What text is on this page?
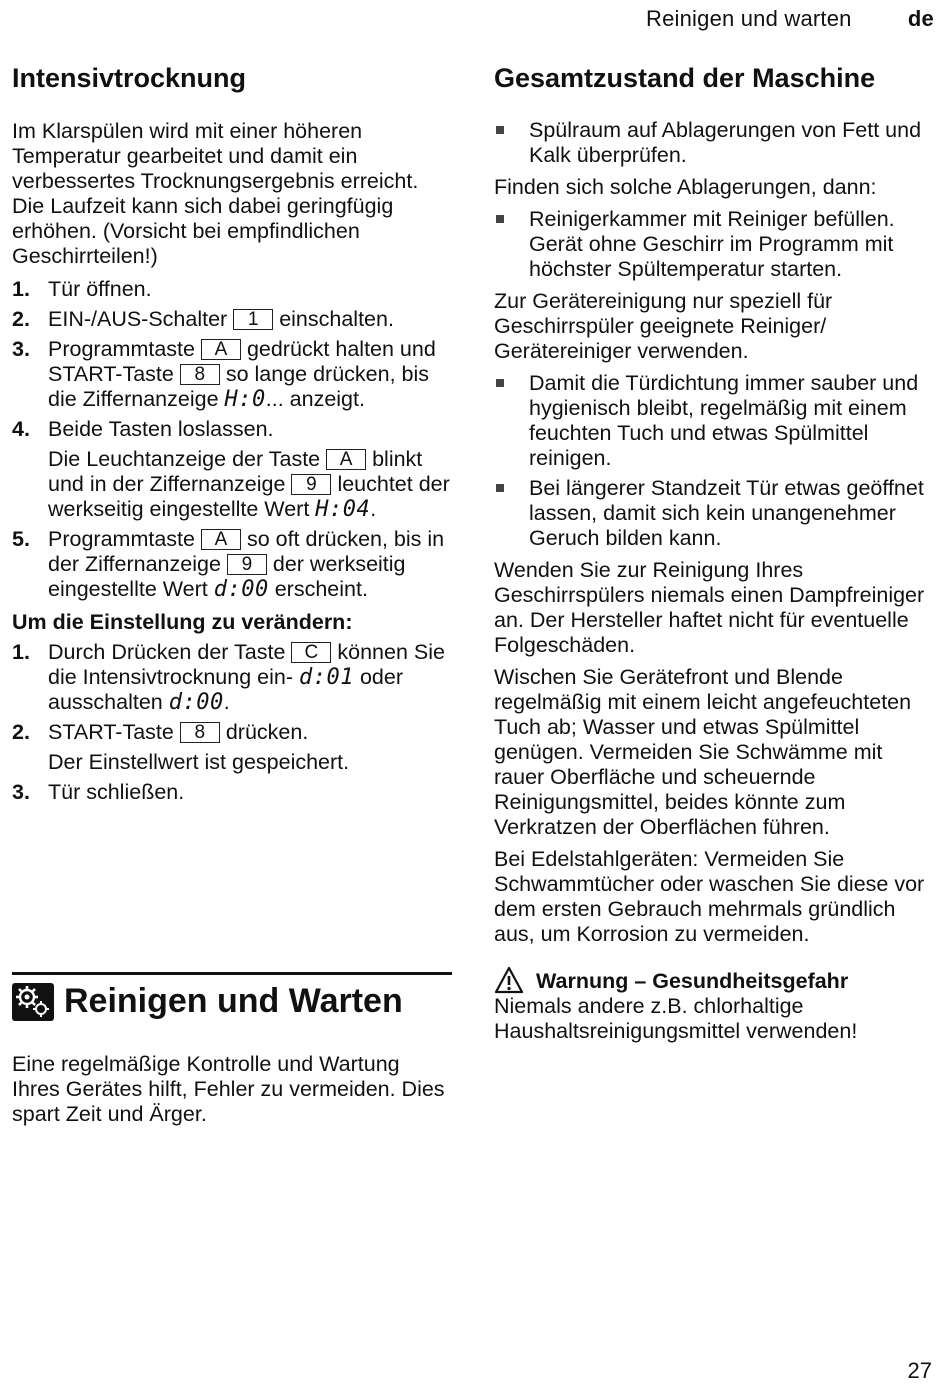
Reinigen und warten	de
Intensivtrocknung

Im Klarspülen wird mit einer höheren Temperatur gearbeitet und damit ein verbessertes Trocknungsergebnis erreicht. Die Laufzeit kann sich dabei geringfügig erhöhen. (Vorsicht bei empfindlichen Geschirrteilen!)

1. Tür öffnen.
2. EIN-/AUS-Schalter 1 einschalten.
3. Programmtaste A gedrückt halten und START-Taste 8 so lange drücken, bis die Ziffernanzeige H:0... anzeigt.
4. Beide Tasten loslassen.
Die Leuchtanzeige der Taste A blinkt und in der Ziffernanzeige 9 leuchtet der werkseitig eingestellte Wert H:04.
5. Programmtaste A so oft drücken, bis in der Ziffernanzeige 9 der werkseitig eingestellte Wert d:00 erscheint.

Um die Einstellung zu verändern:

1. Durch Drücken der Taste C können Sie die Intensivtrocknung ein- d:01 oder ausschalten d:00.
2. START-Taste 8 drücken.
Der Einstellwert ist gespeichert.
3. Tür schließen.
Reinigen und Warten

Eine regelmäßige Kontrolle und Wartung Ihres Gerätes hilft, Fehler zu vermeiden. Dies spart Zeit und Ärger.

Gesamtzustand der Maschine
Spülraum auf Ablagerungen von Fett und Kalk überprüfen.

Finden sich solche Ablagerungen, dann:

Reinigerkammer mit Reiniger befüllen. Gerät ohne Geschirr im Programm mit höchster Spültemperatur starten.

Zur Gerätereinigung nur speziell für Geschirrspüler geeignete Reiniger/ Gerätereiniger verwenden.

Damit die Türdichtung immer sauber und hygienisch bleibt, regelmäßig mit einem feuchten Tuch und etwas Spülmittel reinigen.
Bei längerer Standzeit Tür etwas geöffnet lassen, damit sich kein unangenehmer Geruch bilden kann.

Wenden Sie zur Reinigung Ihres Geschirrspülers niemals einen Dampfreiniger an. Der Hersteller haftet nicht für eventuelle Folgeschäden.

Wischen Sie Gerätefront und Blende regelmäßig mit einem leicht angefeuchteten Tuch ab; Wasser und etwas Spülmittel genügen. Vermeiden Sie Schwämme mit rauer Oberfläche und scheuernde Reinigungsmittel, beides könnte zum Verkratzen der Oberflächen führen.

Bei Edelstahlgeräten: Vermeiden Sie Schwammtücher oder waschen Sie diese vor dem ersten Gebrauch mehrmals gründlich aus, um Korrosion zu vermeiden.

Warnung – Gesundheitsgefahr

Niemals andere z.B. chlorhaltige Haushaltsreinigungsmittel verwenden!

27
